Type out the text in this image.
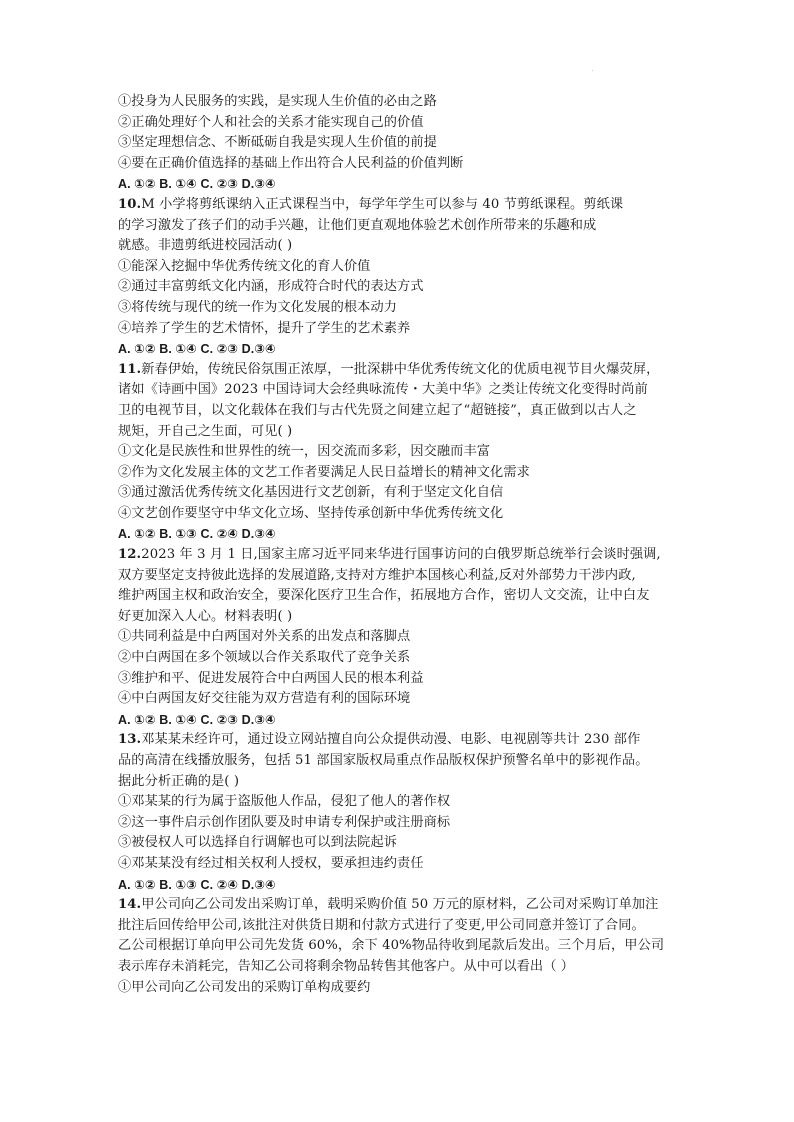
.
①投身为人民服务的实践，是实现人生价值的必由之路
②正确处理好个人和社会的关系才能实现自己的价值
③坚定理想信念、不断砥砺自我是实现人生价值的前提
④要在正确价值选择的基础上作出符合人民利益的价值判断
A. ①② B. ①④ C. ②③ D.③④
10.M 小学将剪纸课纳入正式课程当中，每学年学生可以参与 40 节剪纸课程。剪纸课
的学习激发了孩子们的动手兴趣，让他们更直观地体验艺术创作所带来的乐趣和成
就感。非遗剪纸进校园活动( )
①能深入挖掘中华优秀传统文化的育人价值
②通过丰富剪纸文化内涵，形成符合时代的表达方式
③将传统与现代的统一作为文化发展的根本动力
④培养了学生的艺术情怀，提升了学生的艺术素养
A. ①② B. ①④ C. ②③ D.③④
11.新春伊始，传统民俗氛围正浓厚，一批深耕中华优秀传统文化的优质电视节目火爆荧屏，
诸如《诗画中国》2023 中国诗词大会经典咏流传・大美中华》之类让传统文化变得时尚前
卫的电视节目，以文化载体在我们与古代先贤之间建立起了“超链接”，真正做到以古人之
规矩，开自己之生面，可见( )
①文化是民族性和世界性的统一，因交流而多彩，因交融而丰富
②作为文化发展主体的文艺工作者要满足人民日益增长的精神文化需求
③通过激活优秀传统文化基因进行文艺创新，有利于坚定文化自信
④文艺创作要坚守中华文化立场、坚持传承创新中华优秀传统文化
A. ①② B. ①③ C. ②④ D.③④
12.2023 年 3 月 1 日,国家主席习近平同来华进行国事访问的白俄罗斯总统举行会谈时强调,
双方要坚定支持彼此选择的发展道路,支持对方维护本国核心利益,反对外部势力干涉内政,
维护两国主权和政治安全，要深化医疗卫生合作，拓展地方合作，密切人文交流，让中白友
好更加深入人心。材料表明( )
①共同利益是中白两国对外关系的出发点和落脚点
②中白两国在多个领域以合作关系取代了竞争关系
③维护和平、促进发展符合中白两国人民的根本利益
④中白两国友好交往能为双方营造有利的国际环境
A. ①② B. ①④ C. ②③ D.③④
13.邓某某未经许可，通过设立网站擅自向公众提供动漫、电影、电视剧等共计 230 部作
品的高清在线播放服务，包括 51 部国家版权局重点作品版权保护预警名单中的影视作品。
据此分析正确的是( )
①邓某某的行为属于盗版他人作品，侵犯了他人的著作权
②这一事件启示创作团队要及时申请专利保护或注册商标
③被侵权人可以选择自行调解也可以到法院起诉
④邓某某没有经过相关权利人授权，要承担违约责任
A. ①② B. ①③ C. ②④ D.③④
14.甲公司向乙公司发出采购订单，载明采购价值 50 万元的原材料，乙公司对采购订单加注
批注后回传给甲公司,该批注对供货日期和付款方式进行了变更,甲公司同意并签订了合同。
乙公司根据订单向甲公司先发货 60%，余下 40%物品待收到尾款后发出。三个月后，甲公司
表示库存未消耗完，告知乙公司将剩余物品转售其他客户。从中可以看出（ ）
①甲公司向乙公司发出的采购订单构成要约
